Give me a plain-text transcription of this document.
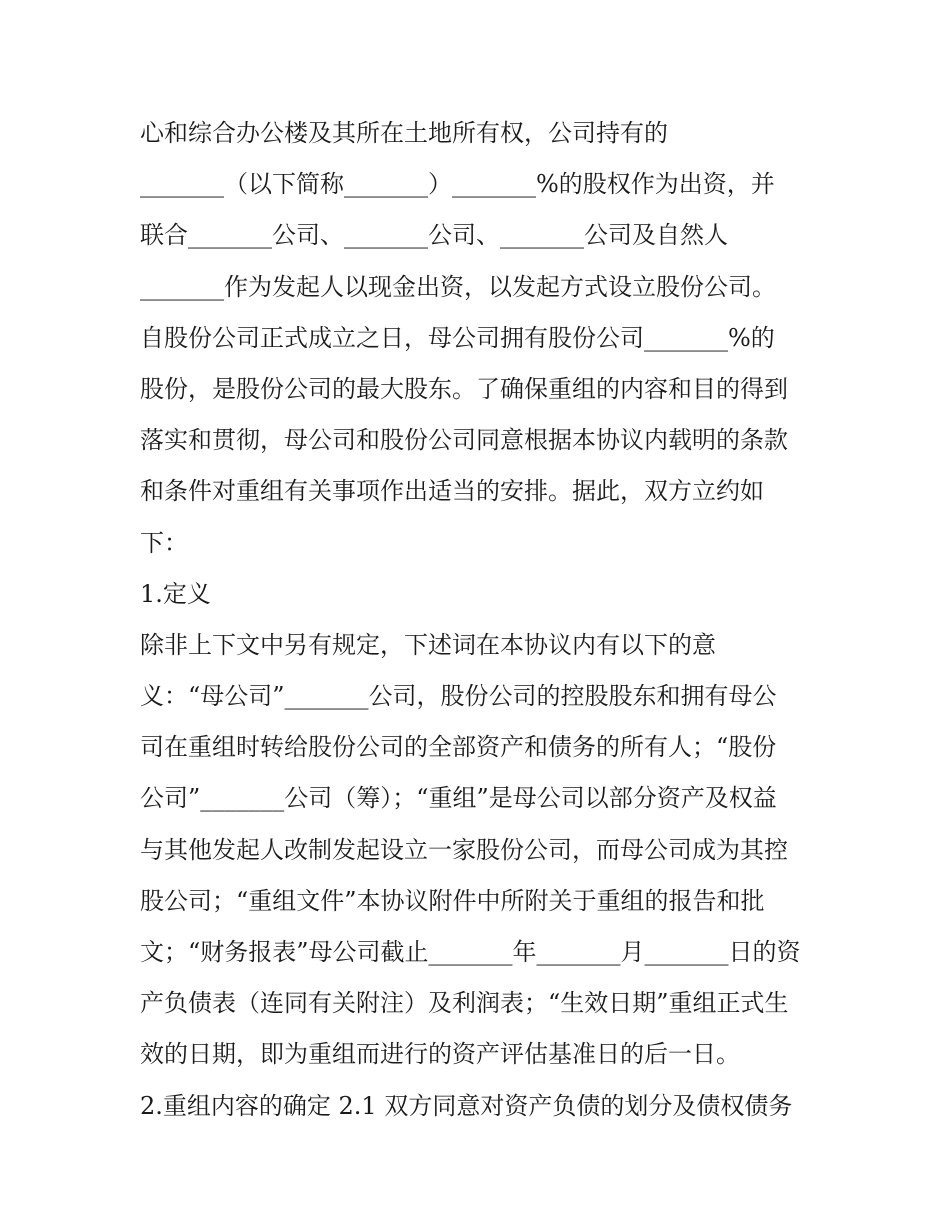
心和综合办公楼及其所在土地所有权，公司持有的
_______（以下简称_______）_______%的股权作为出资，并
联合_______公司、_______公司、_______公司及自然人
_______作为发起人以现金出资，以发起方式设立股份公司。
自股份公司正式成立之日，母公司拥有股份公司_______%的
股份，是股份公司的最大股东。了确保重组的内容和目的得到
落实和贯彻，母公司和股份公司同意根据本协议内载明的条款
和条件对重组有关事项作出适当的安排。据此，双方立约如
下：
1.定义
除非上下文中另有规定，下述词在本协议内有以下的意
义：“母公司”_______公司，股份公司的控股股东和拥有母公
司在重组时转给股份公司的全部资产和债务的所有人；“股份
公司”_______公司（筹）；“重组”是母公司以部分资产及权益
与其他发起人改制发起设立一家股份公司，而母公司成为其控
股公司；“重组文件”本协议附件中所附关于重组的报告和批
文；“财务报表”母公司截止_______年_______月_______日的资
产负债表（连同有关附注）及利润表；“生效日期”重组正式生
效的日期，即为重组而进行的资产评估基准日的后一日。
2.重组内容的确定 2.1 双方同意对资产负债的划分及债权债务
